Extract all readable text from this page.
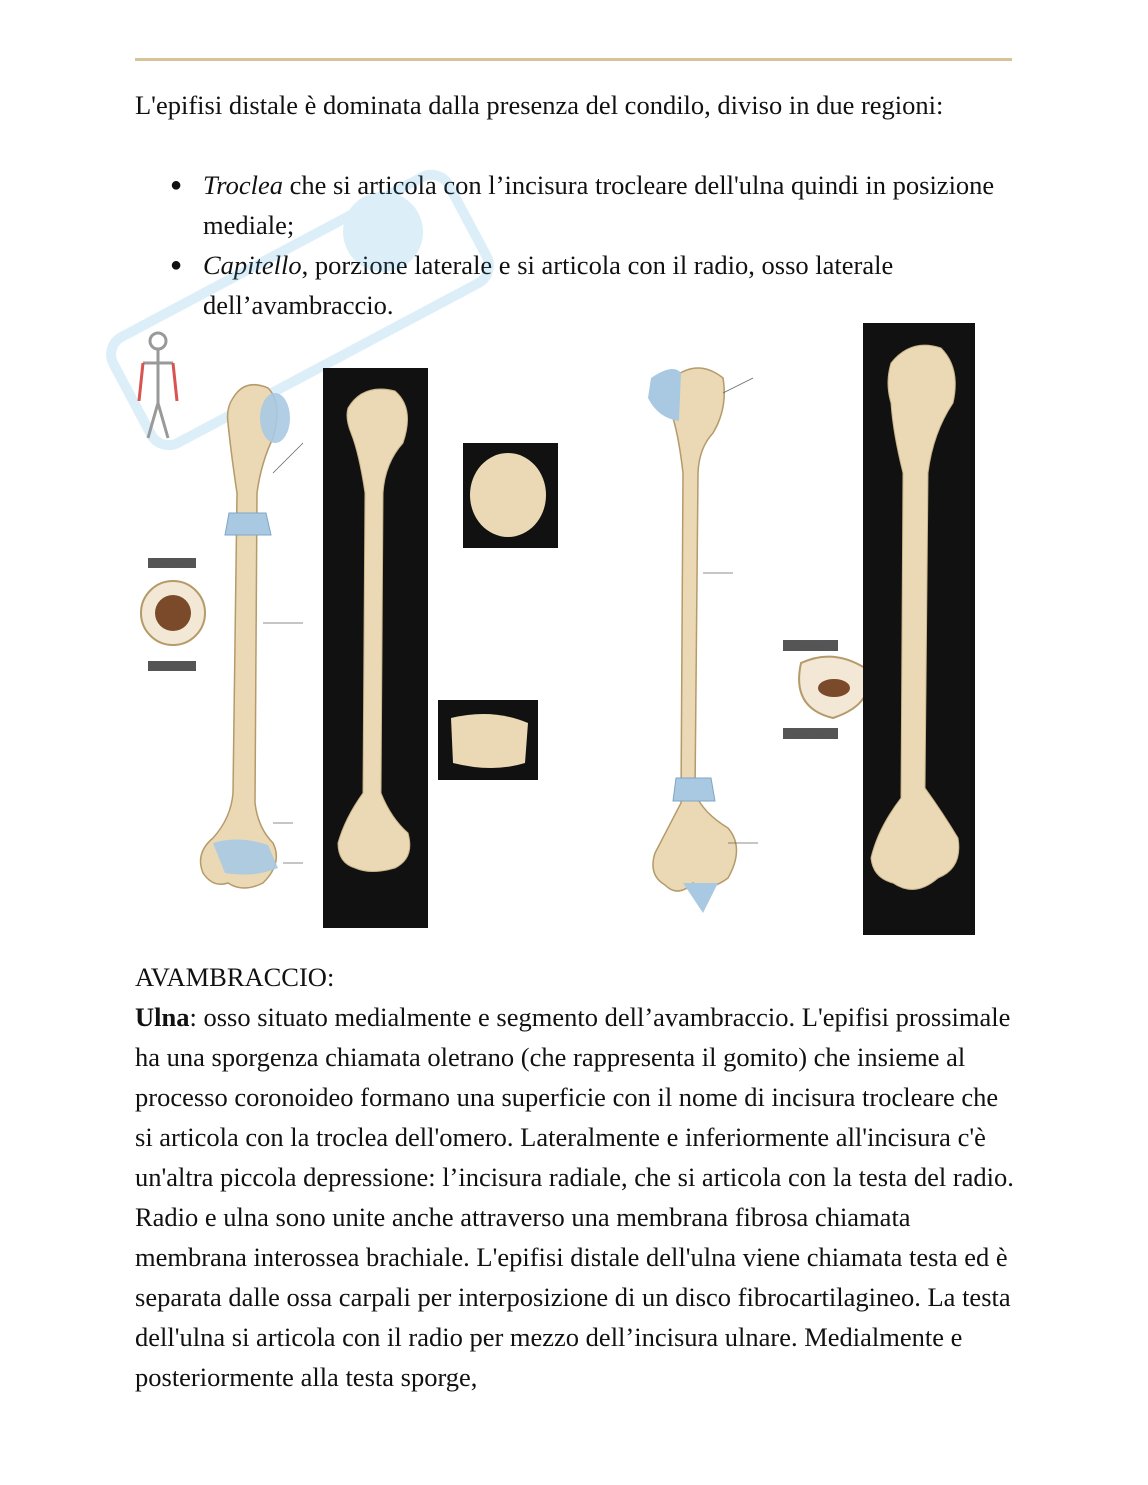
L'epifisi distale è dominata dalla presenza del condilo, diviso in due regioni:
● Troclea che si articola con l’incisura trocleare dell'ulna quindi in posizione mediale;
● Capitello, porzione laterale e si articola con il radio, osso laterale dell’avambraccio.
POSTERIORE
ANTERIORE
ANTERIORE
POSTERIORE
AVAMBRACCIO:

Ulna: osso situato medialmente e segmento dell’avambraccio. L'epifisi prossimale ha una sporgenza chiamata oletrano (che rappresenta il gomito) che insieme al processo coronoideo formano una superficie con il nome di incisura trocleare che si articola con la troclea dell'omero. Lateralmente e inferiormente all'incisura c'è un'altra piccola depressione: l’incisura radiale, che si articola con la testa del radio. Radio e ulna sono unite anche attraverso una membrana fibrosa chiamata membrana interossea brachiale. L'epifisi distale dell'ulna viene chiamata testa ed è separata dalle ossa carpali per interposizione di un disco fibrocartilagineo. La testa dell'ulna si articola con il radio per mezzo dell’incisura ulnare. Medialmente e posteriormente alla testa sporge,
